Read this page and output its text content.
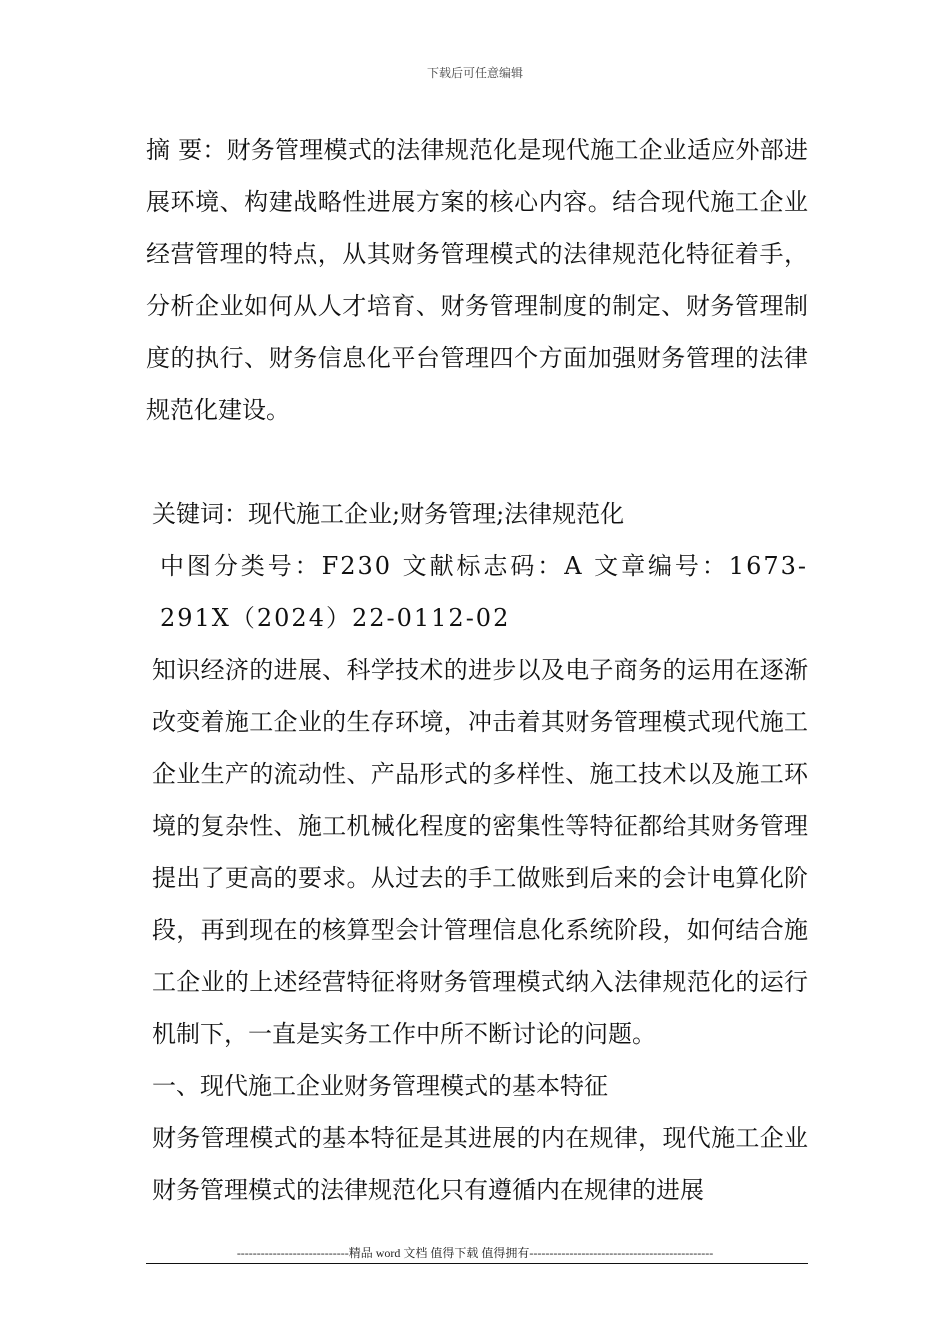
下载后可任意编辑

摘 要：财务管理模式的法律规范化是现代施工企业适应外部进展环境、构建战略性进展方案的核心内容。结合现代施工企业经营管理的特点，从其财务管理模式的法律规范化特征着手，分析企业如何从人才培育、财务管理制度的制定、财务管理制度的执行、财务信息化平台管理四个方面加强财务管理的法律规范化建设。

关键词：现代施工企业;财务管理;法律规范化

中图分类号：F230 文献标志码：A 文章编号：1673-291X（2024）22-0112-02

知识经济的进展、科学技术的进步以及电子商务的运用在逐渐改变着施工企业的生存环境，冲击着其财务管理模式现代施工企业生产的流动性、产品形式的多样性、施工技术以及施工环境的复杂性、施工机械化程度的密集性等特征都给其财务管理提出了更高的要求。从过去的手工做账到后来的会计电算化阶段，再到现在的核算型会计管理信息化系统阶段，如何结合施工企业的上述经营特征将财务管理模式纳入法律规范化的运行机制下，一直是实务工作中所不断讨论的问题。

一、现代施工企业财务管理模式的基本特征

财务管理模式的基本特征是其进展的内在规律，现代施工企业财务管理模式的法律规范化只有遵循内在规律的进展

----------------------------精品 word 文档 值得下载 值得拥有----------------------------------------------
